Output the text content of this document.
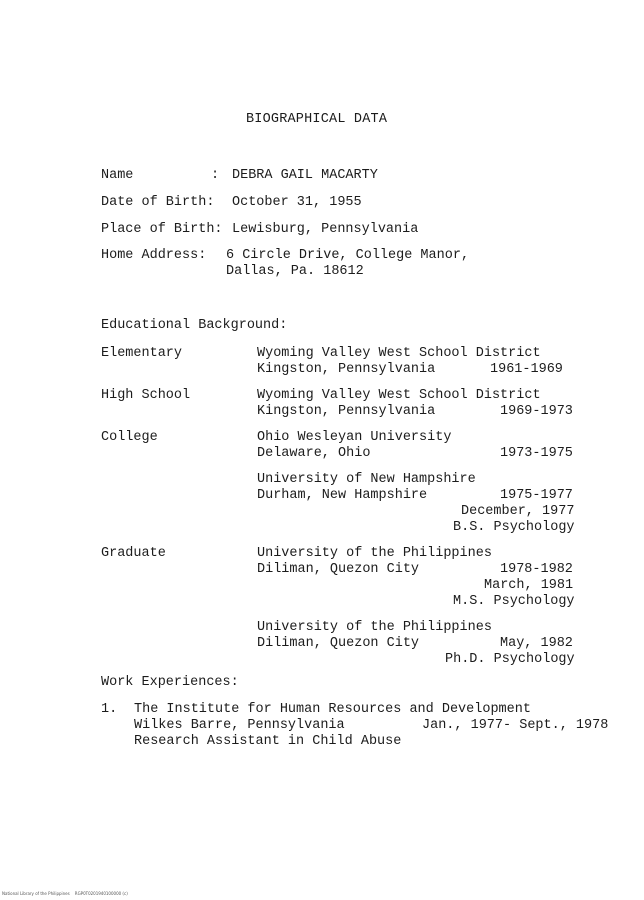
BIOGRAPHICAL DATA
Name	: DEBRA GAIL MACARTY
Date of Birth: October 31, 1955
Place of Birth: Lewisburg, Pennsylvania
Home Address: 6 Circle Drive, College Manor,
Dallas, Pa. 18612
Educational Background:
Elementary	Wyoming Valley West School District
Kingston, Pennsylvania	1961-1969
High School	Wyoming Valley West School District
Kingston, Pennsylvania	1969-1973
College	Ohio Wesleyan University
Delaware, Ohio	1973-1975
University of New Hampshire
Durham, New Hampshire	1975-1977
December, 1977
B.S. Psychology
Graduate	University of the Philippines
Diliman, Quezon City	1978-1982
March, 1981
M.S. Psychology
University of the Philippines
Diliman, Quezon City	May, 1982
Ph.D. Psychology
Work Experiences:
1. The Institute for Human Resources and Development
Wilkes Barre, Pennsylvania	Jan., 1977- Sept., 1978
Research Assistant in Child Abuse
National Library of the Philippines    RGP0T0201940100000 (c)
